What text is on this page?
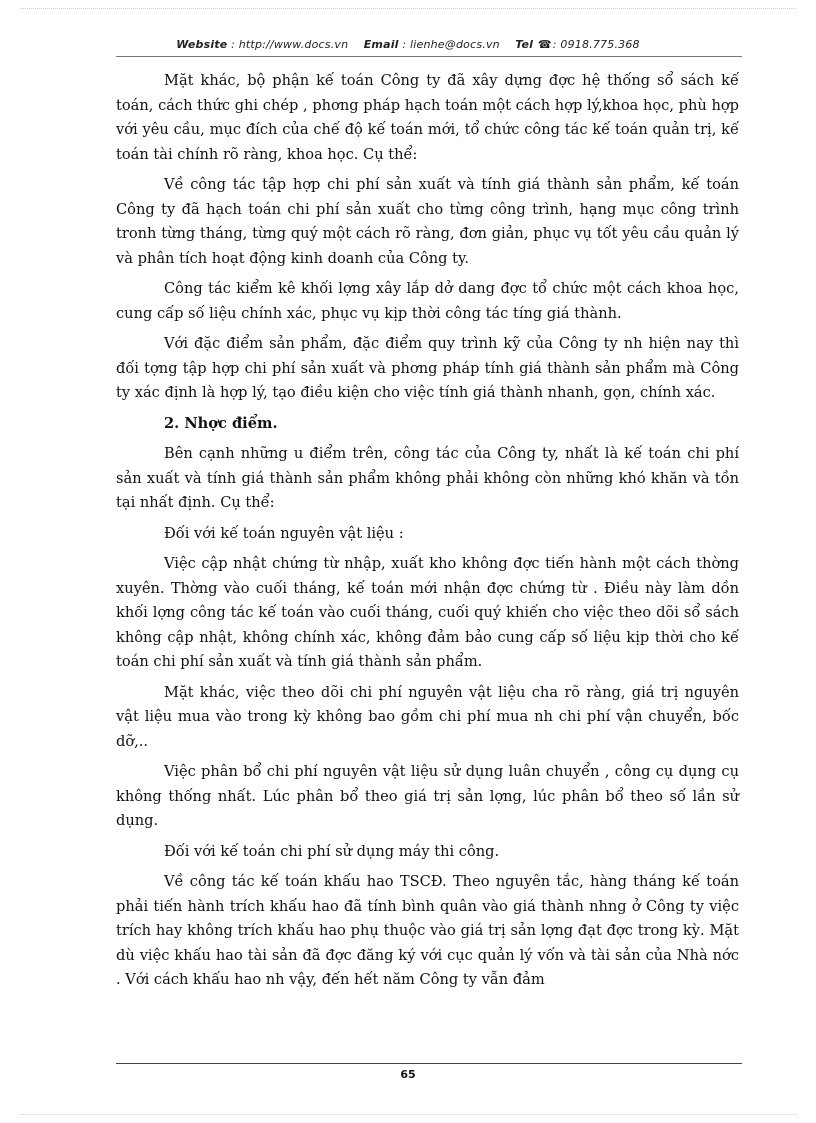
Website : http://www.docs.vn Email : lienhe@docs.vn Tel ☎: 0918.775.368

Mặt khác, bộ phận kế toán Công ty đã xây dựng đợc hệ thống sổ sách kế toán, cách thức ghi chép , phơng pháp hạch toán một cách hợp lý,khoa học, phù hợp với yêu cầu, mục đích của chế độ kế toán mới, tổ chức công tác kế toán quản trị, kế toán tài chính rõ ràng, khoa học. Cụ thể:

Về công tác tập hợp chi phí sản xuất và tính giá thành sản phẩm, kế toán Công ty đã hạch toán chi phí sản xuất cho từng công trình, hạng mục công trình tronh từng tháng, từng quý một cách rõ ràng, đơn giản, phục vụ tốt yêu cầu quản lý và phân tích hoạt động kinh doanh của Công ty.

Công tác kiểm kê khối lợng xây lắp dở dang đợc tổ chức một cách khoa học, cung cấp số liệu chính xác, phục vụ kịp thời công tác tíng giá thành.

Với đặc điểm sản phẩm, đặc điểm quy trình kỹ của Công ty nh hiện nay thì đối tợng tập hợp chi phí sản xuất và phơng pháp tính giá thành sản phẩm mà Công ty xác định là hợp lý, tạo điều kiện cho việc tính giá thành nhanh, gọn, chính xác.

2. Nhợc điểm.

Bên cạnh những u điểm trên, công tác của Công ty, nhất là kế toán chi phí sản xuất và tính giá thành sản phẩm không phải không còn những khó khăn và tồn tại nhất định. Cụ thể:

Đối với kế toán nguyên vật liệu :

Việc cập nhật chứng từ nhập, xuất kho không đợc tiến hành một cách thờng xuyên. Thờng vào cuối tháng, kế toán mới nhận đợc chứng từ . Điều này làm dồn khối lợng công tác kế toán vào cuối tháng, cuối quý khiến cho việc theo dõi sổ sách không cập nhật, không chính xác, không đảm bảo cung cấp số liệu kịp thời cho kế toán chi phí sản xuất và tính giá thành sản phẩm.

Mặt khác, việc theo dõi chi phí nguyên vật liệu cha rõ ràng, giá trị nguyên vật liệu mua vào trong kỳ không bao gồm chi phí mua nh chi phí vận chuyển, bốc dỡ,..

Việc phân bổ chi phí nguyên vật liệu sử dụng luân chuyển , công cụ dụng cụ không thống nhất. Lúc phân bổ theo giá trị sản lợng, lúc phân bổ theo số lần sử dụng.

Đối với kế toán chi phí sử dụng máy thi công.

Về công tác kế toán khấu hao TSCĐ. Theo nguyên tắc, hàng tháng kế toán phải tiến hành trích khấu hao đã tính bình quân vào giá thành nhng ở Công ty việc trích hay không trích khấu hao phụ thuộc vào giá trị sản lợng đạt đợc trong kỳ. Mặt dù việc khấu hao tài sản đã đợc đăng ký với cục quản lý vốn và tài sản của Nhà nớc . Với cách khấu hao nh vậy, đến hết năm Công ty vẫn đảm

65
